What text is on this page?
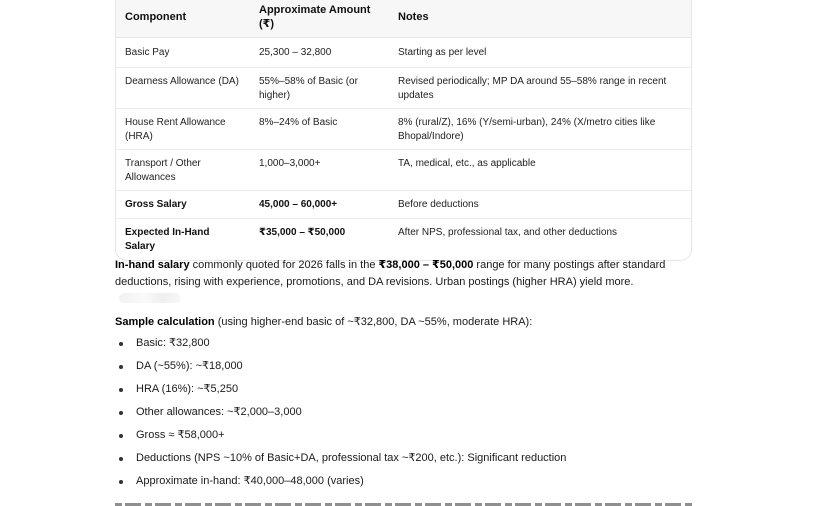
Component	Approximate Amount (₹)	Notes
Basic Pay	25,300 – 32,800	Starting as per level
Dearness Allowance (DA)	55%–58% of Basic (or higher)	Revised periodically; MP DA around 55–58% range in recent updates
House Rent Allowance (HRA)	8%–24% of Basic	8% (rural/Z), 16% (Y/semi-urban), 24% (X/metro cities like Bhopal/Indore)
Transport / Other Allowances	1,000–3,000+	TA, medical, etc., as applicable
Gross Salary	45,000 – 60,000+	Before deductions
Expected In-Hand Salary	₹35,000 – ₹50,000	After NPS, professional tax, and other deductions

In-hand salary commonly quoted for 2026 falls in the ₹38,000 – ₹50,000 range for many postings after standard deductions, rising with experience, promotions, and DA revisions. Urban postings (higher HRA) yield more.

Sample calculation (using higher-end basic of ~₹32,800, DA ~55%, moderate HRA):

Basic: ₹32,800
DA (~55%): ~₹18,000
HRA (16%): ~₹5,250
Other allowances: ~₹2,000–3,000
Gross ≈ ₹58,000+
Deductions (NPS ~10% of Basic+DA, professional tax ~₹200, etc.): Significant reduction
Approximate in-hand: ₹40,000–48,000 (varies)
